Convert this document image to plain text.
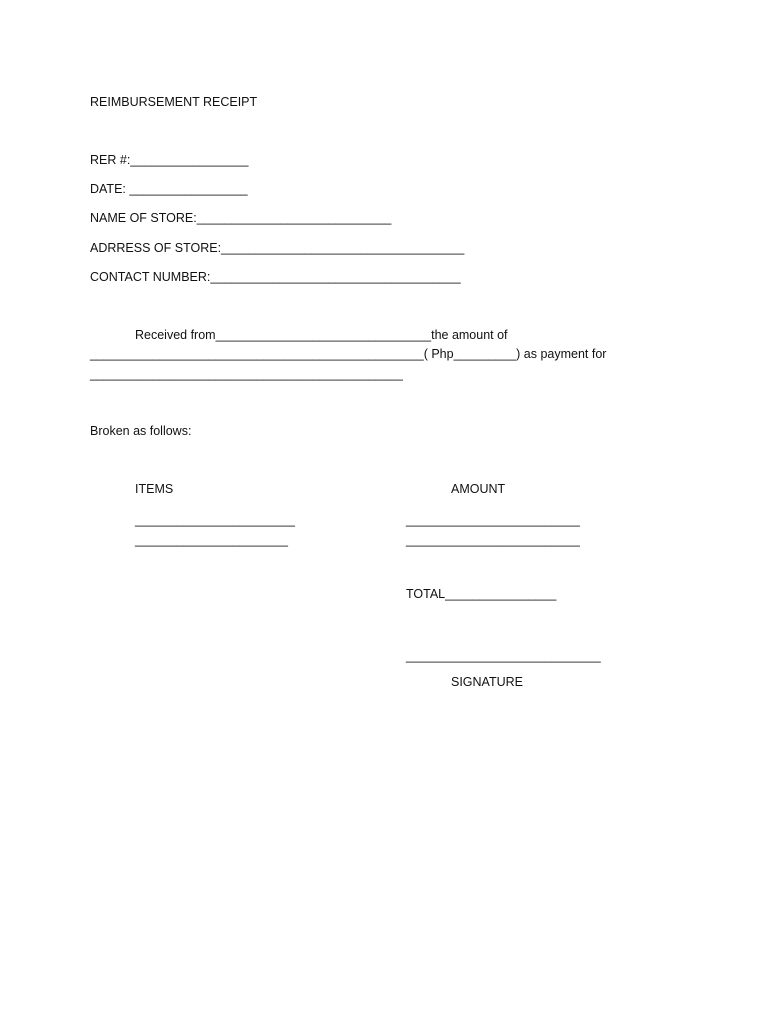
REIMBURSEMENT RECEIPT
RER #:_________________
DATE: _________________
NAME OF STORE:____________________________
ADRRESS OF STORE:___________________________________
CONTACT NUMBER:____________________________________
Received from_______________________________the amount of
________________________________________________( Php_________) as payment for
_____________________________________________
Broken as follows:
ITEMS	AMOUNT
_______________________
______________________
_________________________
_________________________
TOTAL________________
____________________________
SIGNATURE
